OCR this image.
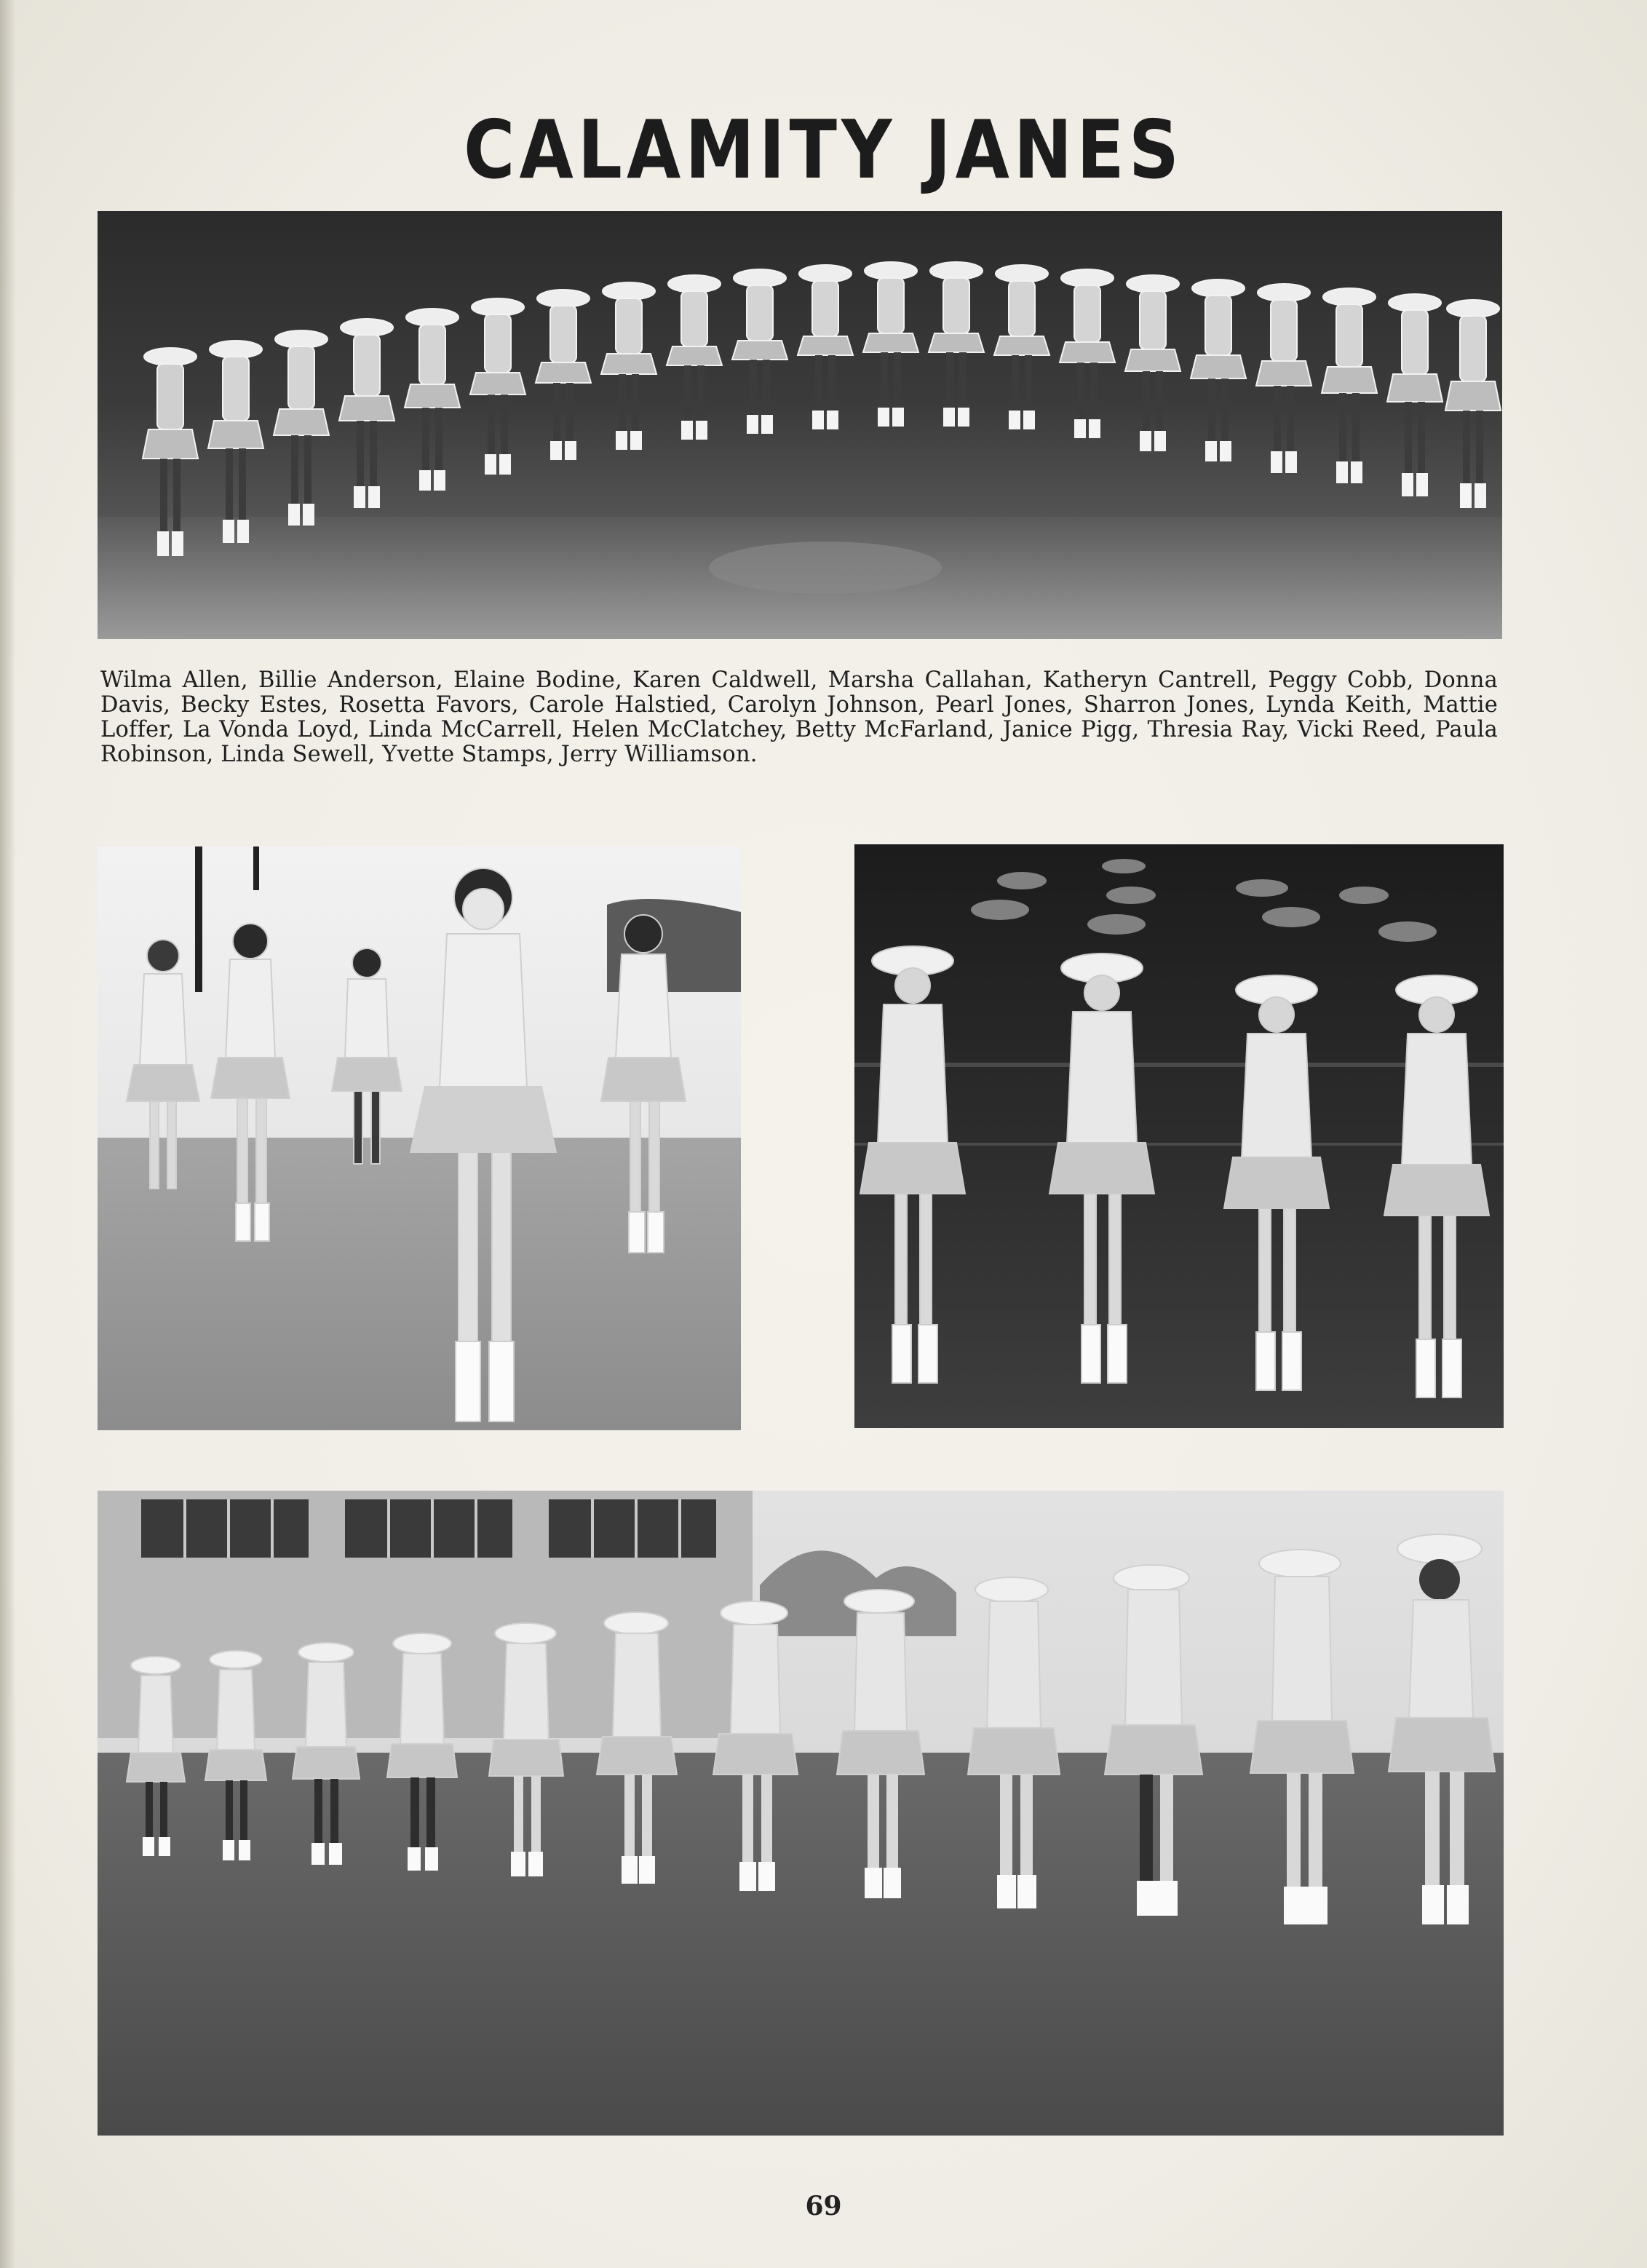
CALAMITY JANES
Wilma Allen, Billie Anderson, Elaine Bodine, Karen Caldwell, Marsha Callahan, Katheryn Cantrell, Peggy Cobb, Donna Davis, Becky Estes, Rosetta Favors, Carole Halstied, Carolyn Johnson, Pearl Jones, Sharron Jones, Lynda Keith, Mattie Loffer, La Vonda Loyd, Linda McCarrell, Helen McClatchey, Betty McFarland, Janice Pigg, Thresia Ray, Vicki Reed, Paula Robinson, Linda Sewell, Yvette Stamps, Jerry Williamson.
69
